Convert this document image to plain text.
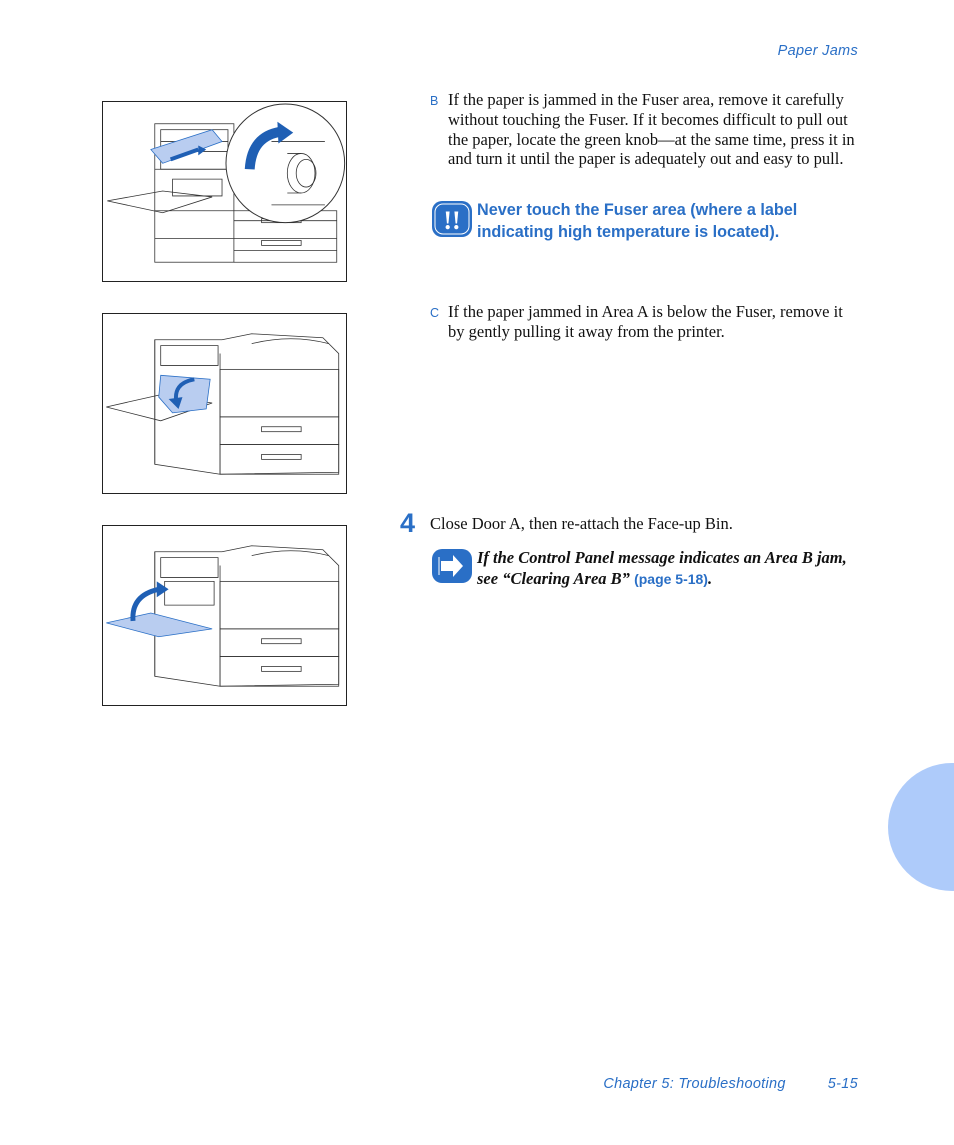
Paper Jams
B If the paper is jammed in the Fuser area, remove it carefully without touching the Fuser. If it becomes difficult to pull out the paper, locate the green knob—at the same time, press it in and turn it until the paper is adequately out and easy to pull.
!! Never touch the Fuser area (where a label indicating high temperature is located).
C If the paper jammed in Area A is below the Fuser, remove it by gently pulling it away from the printer.
4 Close Door A, then re-attach the Face-up Bin.
If the Control Panel message indicates an Area B jam, see “Clearing Area B” (page 5-18).
Chapter 5: Troubleshooting	5-15
